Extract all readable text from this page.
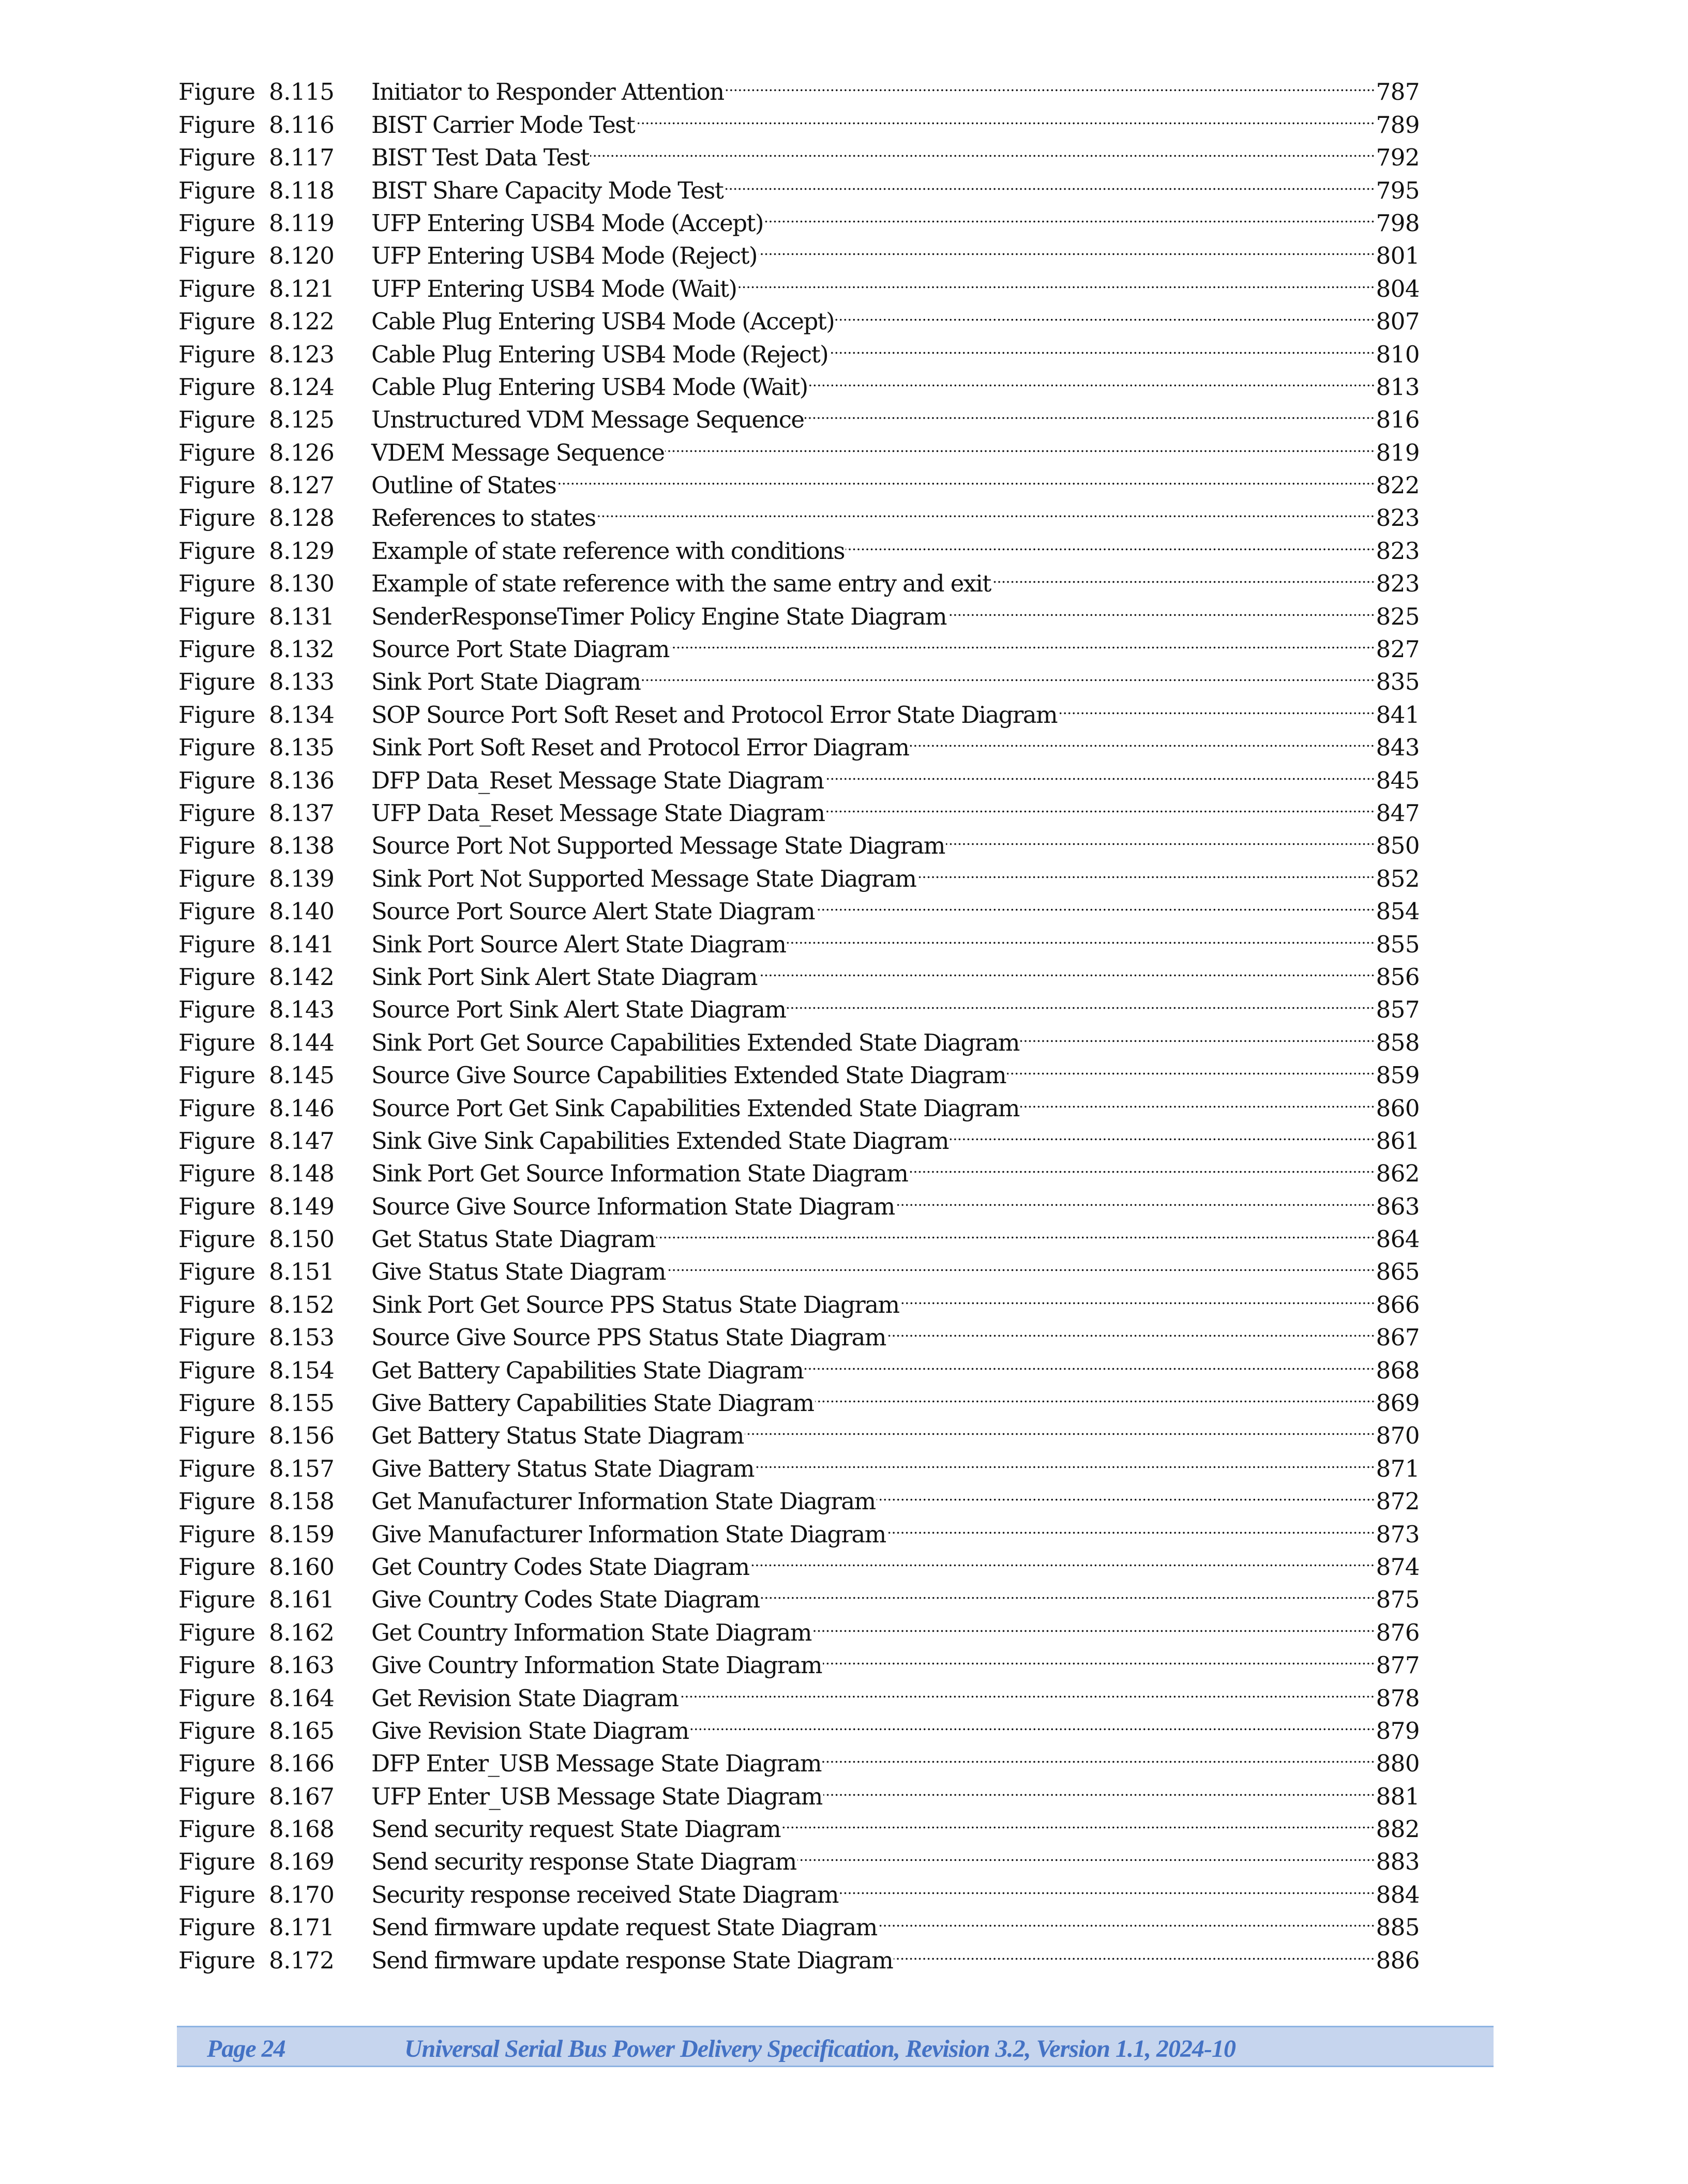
Figure 8.115	Initiator to Responder Attention	787
Figure 8.116	BIST Carrier Mode Test	789
Figure 8.117	BIST Test Data Test	792
Figure 8.118	BIST Share Capacity Mode Test	795
Figure 8.119	UFP Entering USB4 Mode (Accept)	798
Figure 8.120	UFP Entering USB4 Mode (Reject)	801
Figure 8.121	UFP Entering USB4 Mode (Wait)	804
Figure 8.122	Cable Plug Entering USB4 Mode (Accept)	807
Figure 8.123	Cable Plug Entering USB4 Mode (Reject)	810
Figure 8.124	Cable Plug Entering USB4 Mode (Wait)	813
Figure 8.125	Unstructured VDM Message Sequence	816
Figure 8.126	VDEM Message Sequence	819
Figure 8.127	Outline of States	822
Figure 8.128	References to states	823
Figure 8.129	Example of state reference with conditions	823
Figure 8.130	Example of state reference with the same entry and exit	823
Figure 8.131	SenderResponseTimer Policy Engine State Diagram	825
Figure 8.132	Source Port State Diagram	827
Figure 8.133	Sink Port State Diagram	835
Figure 8.134	SOP Source Port Soft Reset and Protocol Error State Diagram	841
Figure 8.135	Sink Port Soft Reset and Protocol Error Diagram	843
Figure 8.136	DFP Data_Reset Message State Diagram	845
Figure 8.137	UFP Data_Reset Message State Diagram	847
Figure 8.138	Source Port Not Supported Message State Diagram	850
Figure 8.139	Sink Port Not Supported Message State Diagram	852
Figure 8.140	Source Port Source Alert State Diagram	854
Figure 8.141	Sink Port Source Alert State Diagram	855
Figure 8.142	Sink Port Sink Alert State Diagram	856
Figure 8.143	Source Port Sink Alert State Diagram	857
Figure 8.144	Sink Port Get Source Capabilities Extended State Diagram	858
Figure 8.145	Source Give Source Capabilities Extended State Diagram	859
Figure 8.146	Source Port Get Sink Capabilities Extended State Diagram	860
Figure 8.147	Sink Give Sink Capabilities Extended State Diagram	861
Figure 8.148	Sink Port Get Source Information State Diagram	862
Figure 8.149	Source Give Source Information State Diagram	863
Figure 8.150	Get Status State Diagram	864
Figure 8.151	Give Status State Diagram	865
Figure 8.152	Sink Port Get Source PPS Status State Diagram	866
Figure 8.153	Source Give Source PPS Status State Diagram	867
Figure 8.154	Get Battery Capabilities State Diagram	868
Figure 8.155	Give Battery Capabilities State Diagram	869
Figure 8.156	Get Battery Status State Diagram	870
Figure 8.157	Give Battery Status State Diagram	871
Figure 8.158	Get Manufacturer Information State Diagram	872
Figure 8.159	Give Manufacturer Information State Diagram	873
Figure 8.160	Get Country Codes State Diagram	874
Figure 8.161	Give Country Codes State Diagram	875
Figure 8.162	Get Country Information State Diagram	876
Figure 8.163	Give Country Information State Diagram	877
Figure 8.164	Get Revision State Diagram	878
Figure 8.165	Give Revision State Diagram	879
Figure 8.166	DFP Enter_USB Message State Diagram	880
Figure 8.167	UFP Enter_USB Message State Diagram	881
Figure 8.168	Send security request State Diagram	882
Figure 8.169	Send security response State Diagram	883
Figure 8.170	Security response received State Diagram	884
Figure 8.171	Send firmware update request State Diagram	885
Figure 8.172	Send firmware update response State Diagram	886
Page 24	Universal Serial Bus Power Delivery Specification, Revision 3.2, Version 1.1, 2024-10
